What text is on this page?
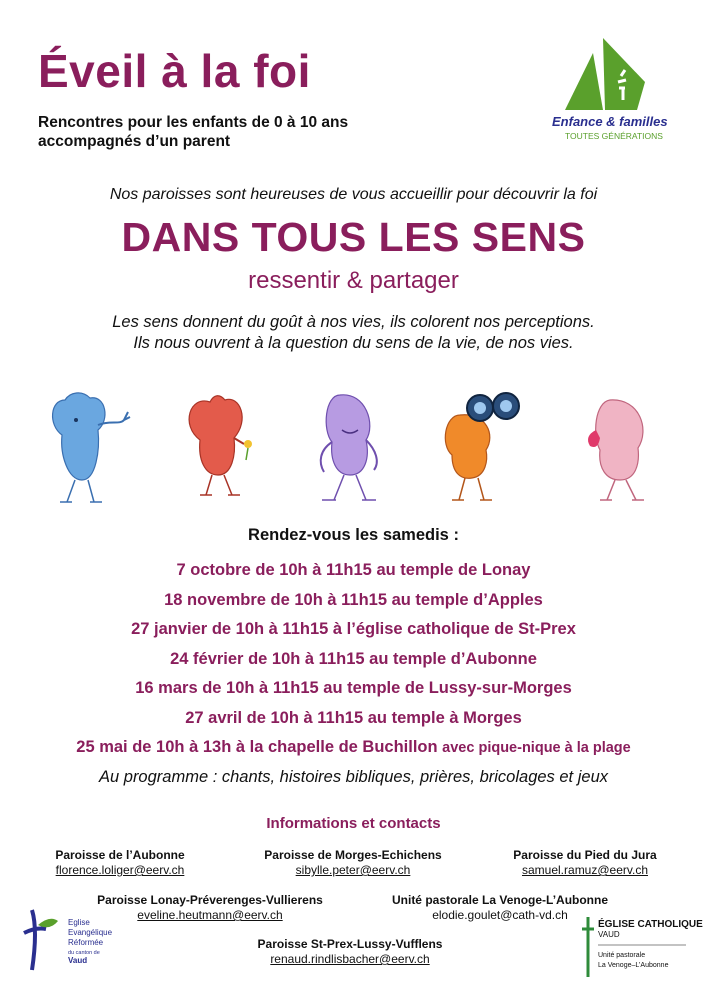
Éveil à la foi
Rencontres pour les enfants de 0 à 10 ans
accompagnés d’un parent
Enfance & familles
TOUTES GÉNÉRATIONS
Nos paroisses sont heureuses de vous accueillir pour découvrir la foi
DANS TOUS LES SENS
ressentir & partager
Les sens donnent du goût à nos vies, ils colorent nos perceptions.
Ils nous ouvrent à la question du sens de la vie, de nos vies.
Rendez-vous les samedis :
7 octobre de 10h à 11h15 au temple de Lonay
18 novembre de 10h à 11h15 au temple d’Apples
27 janvier de 10h à 11h15 à l’église catholique de St-Prex
24 février de 10h à 11h15 au temple d’Aubonne
16 mars de 10h à 11h15 au temple de Lussy-sur-Morges
27 avril de 10h à 11h15 au temple à Morges
25 mai de 10h à 13h à la chapelle de Buchillon avec pique-nique à la plage
Au programme : chants, histoires bibliques, prières, bricolages et jeux
Informations et contacts
Paroisse de l’Aubonne
florence.loliger@eerv.ch
Paroisse de Morges-Echichens
sibylle.peter@eerv.ch
Paroisse du Pied du Jura
samuel.ramuz@eerv.ch
Paroisse Lonay-Préverenges-Vullierens
eveline.heutmann@eerv.ch
Unité pastorale La Venoge-L’Aubonne
elodie.goulet@cath-vd.ch
Paroisse St-Prex-Lussy-Vufflens
renaud.rindlisbacher@eerv.ch
Eglise
Evangélique
Réformée
du canton de
Vaud
ÉGLISE CATHOLIQUE
VAUD
Unité pastorale
La Venoge–L’Aubonne
